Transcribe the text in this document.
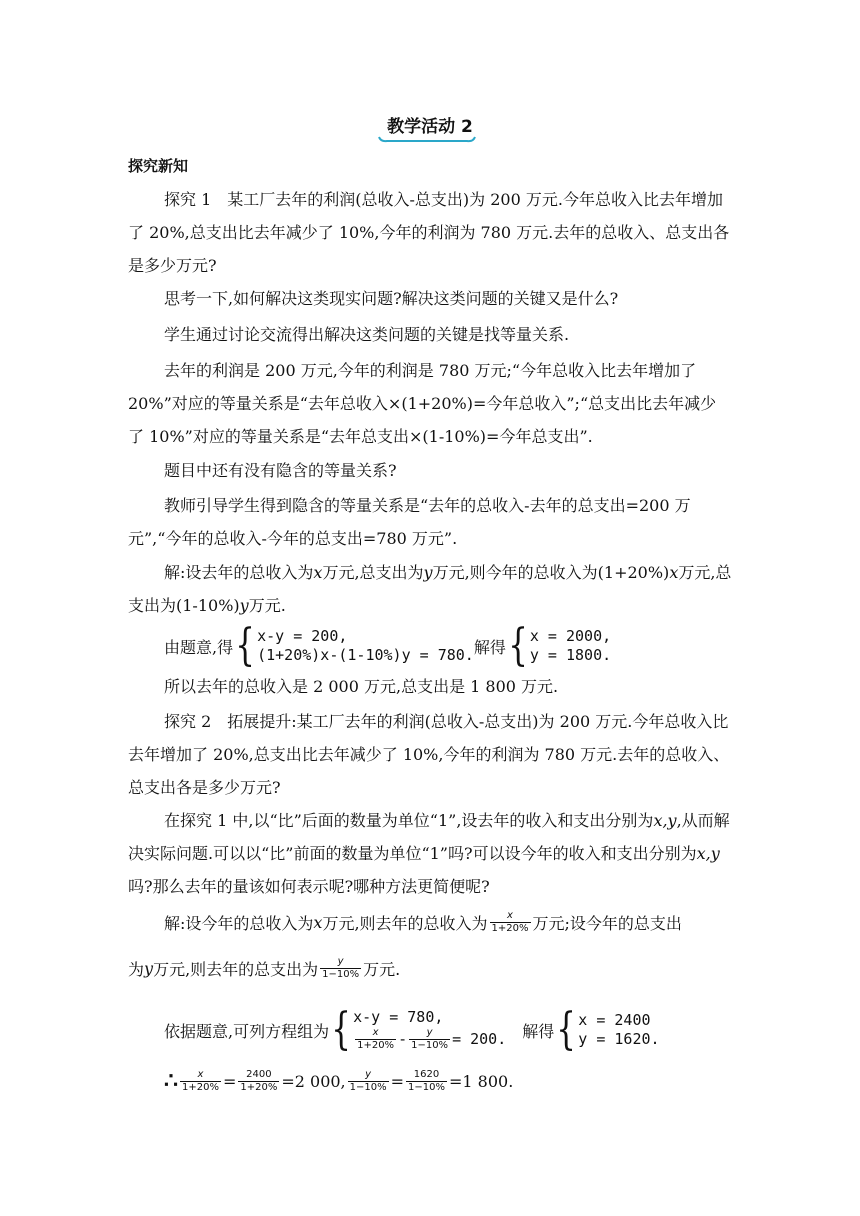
教学活动 2

探究新知

探究 1　某工厂去年的利润(总收入-总支出)为 200 万元.今年总收入比去年增加了 20%,总支出比去年减少了 10%,今年的利润为 780 万元.去年的总收入、总支出各是多少万元?

思考一下,如何解决这类现实问题?解决这类问题的关键又是什么?

学生通过讨论交流得出解决这类问题的关键是找等量关系.

去年的利润是 200 万元,今年的利润是 780 万元;“今年总收入比去年增加了 20%”对应的等量关系是“去年总收入×(1+20%)=今年总收入”;“总支出比去年减少了 10%”对应的等量关系是“去年总支出×(1-10%)=今年总支出”.

题目中还有没有隐含的等量关系?

教师引导学生得到隐含的等量关系是“去年的总收入-去年的总支出=200 万元”,“今年的总收入-今年的总支出=780 万元”.

解:设去年的总收入为x万元,总支出为y万元,则今年的总收入为(1+20%)x万元,总支出为(1-10%)y万元.

由题意,得 { x-y = 200,
(1+20%)x-(1-10%)y = 780. 解得 { x = 2000,
y = 1800.

所以去年的总收入是 2 000 万元,总支出是 1 800 万元.

探究 2　拓展提升:某工厂去年的利润(总收入-总支出)为 200 万元.今年总收入比去年增加了 20%,总支出比去年减少了 10%,今年的利润为 780 万元.去年的总收入、总支出各是多少万元?

在探究 1 中,以“比”后面的数量为单位“1”,设去年的收入和支出分别为x,y,从而解决实际问题.可以以“比”前面的数量为单位“1”吗?可以设今年的收入和支出分别为x,y吗?那么去年的量该如何表示呢?哪种方法更简便呢?

解:设今年的总收入为 x 万元,则去年的总收入为 $\frac{x}{1+20\%}$ 万元;设今年的总支出
为 y 万元,则去年的总支出为 $\frac{y}{1-10\%}$ 万元.
依据题意,可列方程组为 { x-y = 780,
$\frac{x}{1+20\%} - \frac{y}{1-10\%} = 200$. 解得 { x = 2400
y = 1620.
∴ $\frac{x}{1+20\%} = \frac{2400}{1+20\%} =2$ 000, $\frac{y}{1-10\%} = \frac{1620}{1-10\%} =1$ 800.
